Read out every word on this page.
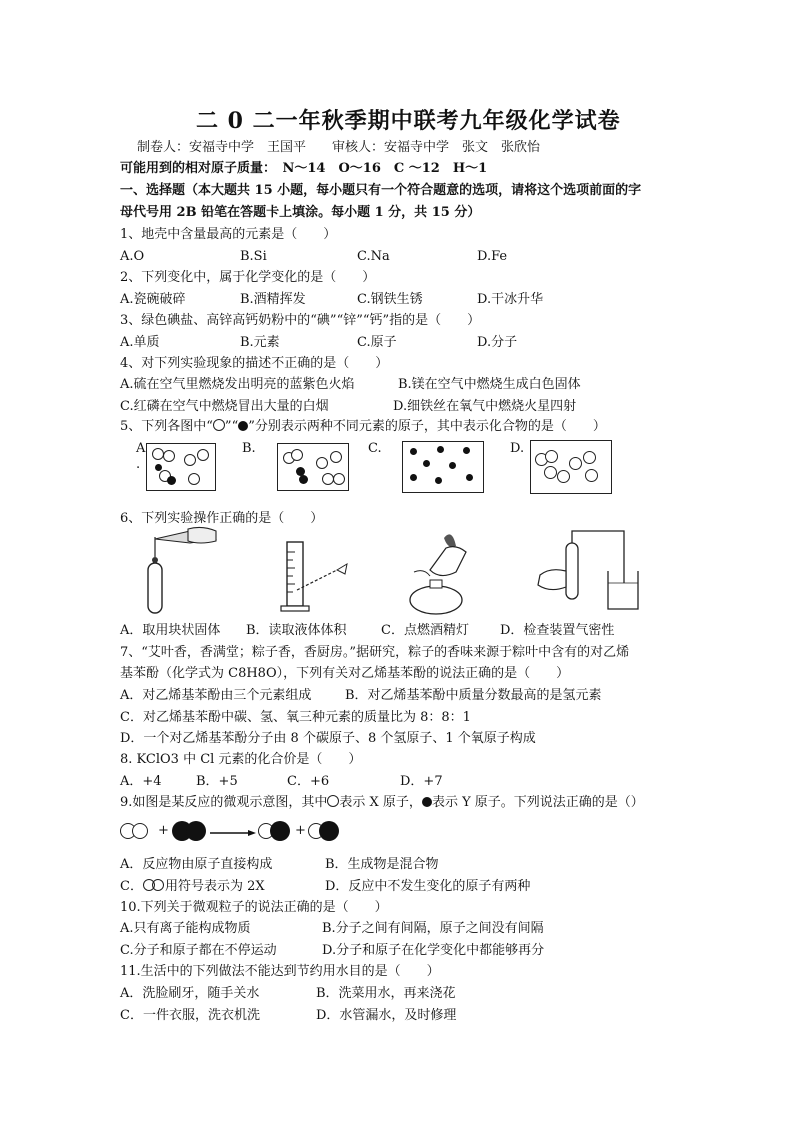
二 0 二一年秋季期中联考九年级化学试卷
制卷人：安福寺中学　王国平　　审核人：安福寺中学　张文　张欣怡
可能用到的相对原子质量：　N～14　O～16　C ～12　H～1
一、选择题（本大题共 15 小题，每小题只有一个符合题意的选项，请将这个选项前面的字
母代号用 2B 铅笔在答题卡上填涂。每小题 1 分，共 15 分）
1、地壳中含量最高的元素是（　　）
A.O	B.Si	C.Na	D.Fe
2、下列变化中，属于化学变化的是（　　）
A.瓷碗破碎	B.酒精挥发	C.钢铁生锈	D.干冰升华
3、绿色碘盐、高锌高钙奶粉中的“碘”“锌”“钙”指的是（　　）
A.单质	B.元素	C.原子	D.分子
4、对下列实验现象的描述不正确的是（　　）
A.硫在空气里燃烧发出明亮的蓝紫色火焰	B.镁在空气中燃烧生成白色固体
C.红磷在空气中燃烧冒出大量的白烟	D.细铁丝在氧气中燃烧火星四射
5、下列各图中“ ”“ ”分别表示两种不同元素的原子，其中表示化合物的是（　　）
A
.
B.	C.	D.
6、下列实验操作正确的是（　　）
A．取用块状固体 B．读取液体体积	C．点燃酒精灯 D．检查装置气密性
7、“艾叶香，香满堂；粽子香，香厨房。”据研究，粽子的香味来源于粽叶中含有的对乙烯
基苯酚（化学式为 C8H8O），下列有关对乙烯基苯酚的说法正确的是（　　）
A．对乙烯基苯酚由三个元素组成	B．对乙烯基苯酚中质量分数最高的是氢元素
C．对乙烯基苯酚中碳、氢、氧三种元素的质量比为 8：8：1
D．一个对乙烯基苯酚分子由 8 个碳原子、8 个氢原子、1 个氧原子构成
8. KClO3 中 Cl 元素的化合价是（　　）
A．+4	B．+5	C．+6	D．+7
9.如图是某反应的微观示意图，其中 表示 X 原子， 表示 Y 原子。下列说法正确的是（）
+	+
A．反应物由原子直接构成	B．生成物是混合物
C． 用符号表示为 2X	D．反应中不发生变化的原子有两种
10.下列关于微观粒子的说法正确的是（　　）
A.只有离子能构成物质	B.分子之间有间隔，原子之间没有间隔
C.分子和原子都在不停运动	D.分子和原子在化学变化中都能够再分
11.生活中的下列做法不能达到节约用水目的是（　　）
A．洗脸刷牙，随手关水	B．洗菜用水，再来浇花
C．一件衣服，洗衣机洗	D．水管漏水，及时修理
